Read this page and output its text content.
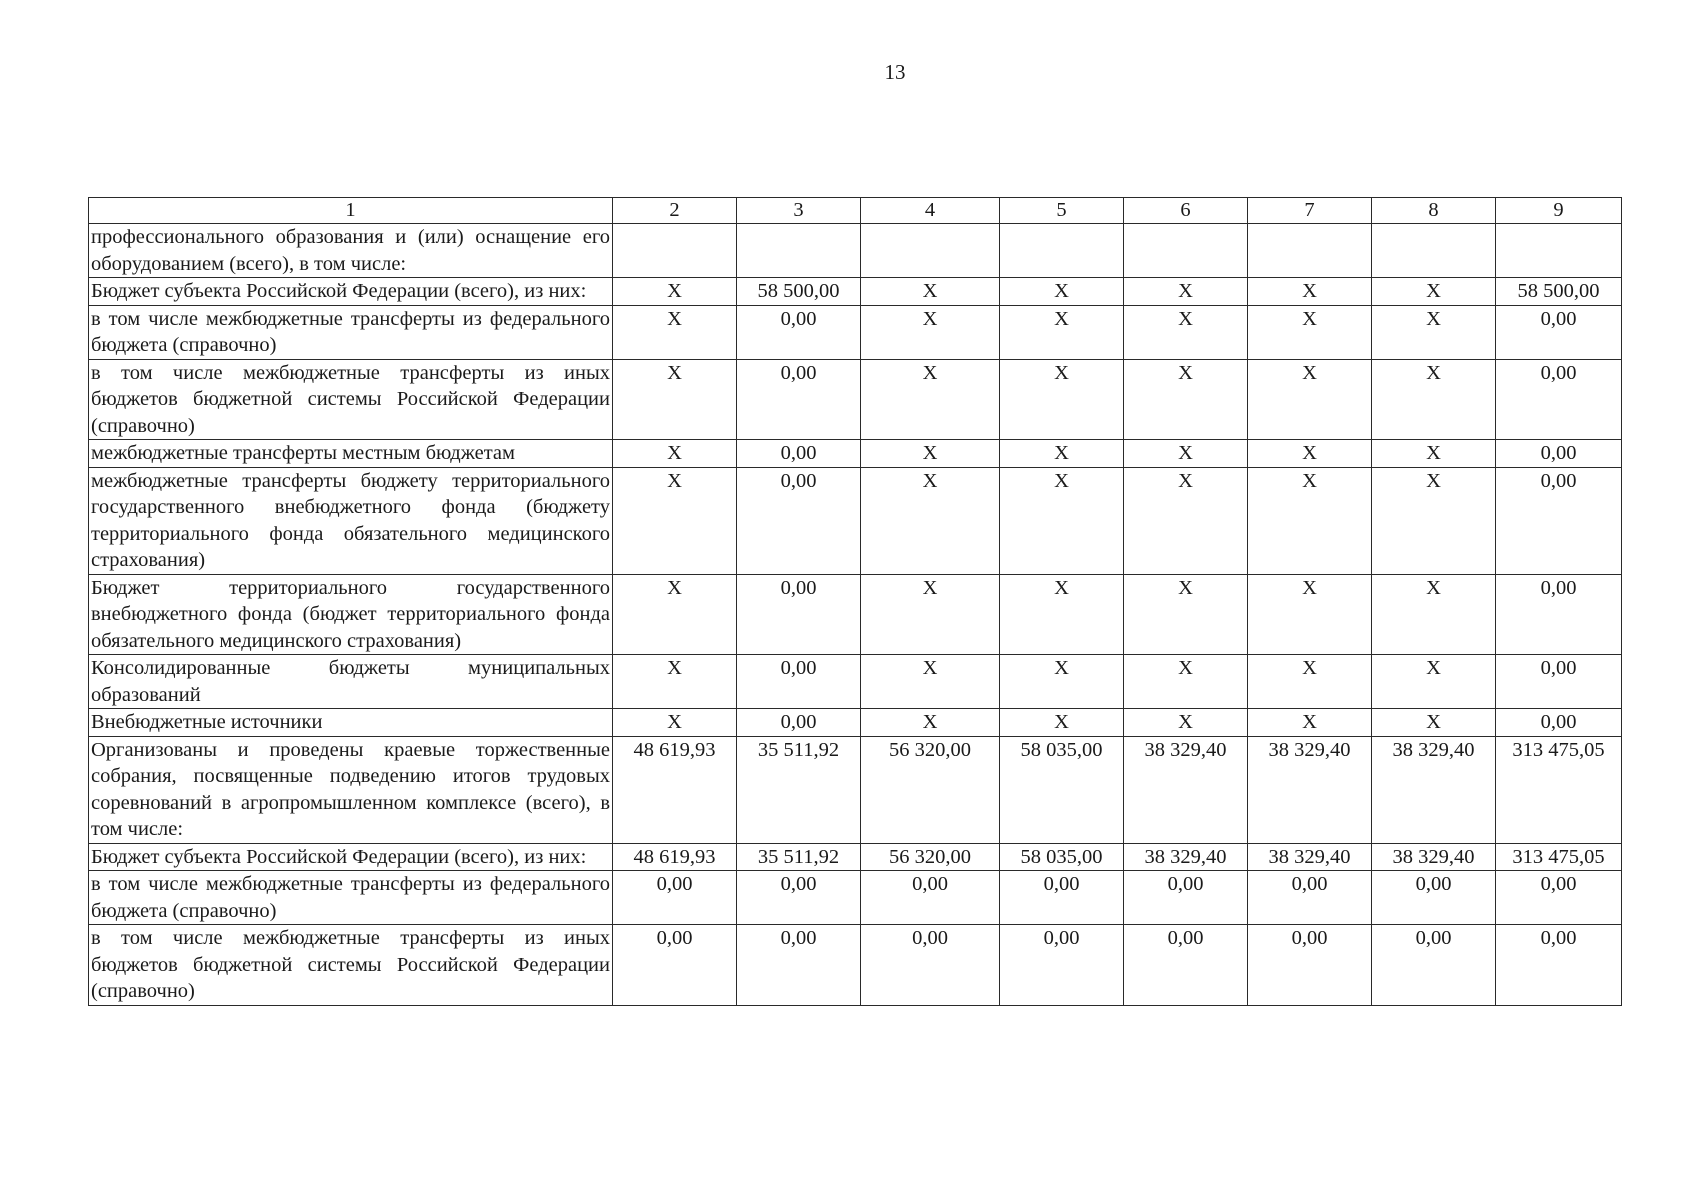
13
1	2	3	4	5	6	7	8	9
профессионального образования и (или) оснащение его оборудованием (всего), в том числе:								
Бюджет субъекта Российской Федерации (всего), из них:	X	58 500,00	X	X	X	X	X	58 500,00
в том числе межбюджетные трансферты из федерального бюджета (справочно)	X	0,00	X	X	X	X	X	0,00
в том числе межбюджетные трансферты из иных бюджетов бюджетной системы Российской Федерации (справочно)	X	0,00	X	X	X	X	X	0,00
межбюджетные трансферты местным бюджетам	X	0,00	X	X	X	X	X	0,00
межбюджетные трансферты бюджету территориального государственного внебюджетного фонда (бюджету территориального фонда обязательного медицинского страхования)	X	0,00	X	X	X	X	X	0,00
Бюджет территориального государственного внебюджетного фонда (бюджет территориального фонда обязательного медицинского страхования)	X	0,00	X	X	X	X	X	0,00
Консолидированные бюджеты муниципальных образований	X	0,00	X	X	X	X	X	0,00
Внебюджетные источники	X	0,00	X	X	X	X	X	0,00
Организованы и проведены краевые торжественные собрания, посвященные подведению итогов трудовых соревнований в агропромышленном комплексе (всего), в том числе:	48 619,93	35 511,92	56 320,00	58 035,00	38 329,40	38 329,40	38 329,40	313 475,05
Бюджет субъекта Российской Федерации (всего), из них:	48 619,93	35 511,92	56 320,00	58 035,00	38 329,40	38 329,40	38 329,40	313 475,05
в том числе межбюджетные трансферты из федерального бюджета (справочно)	0,00	0,00	0,00	0,00	0,00	0,00	0,00	0,00
в том числе межбюджетные трансферты из иных бюджетов бюджетной системы Российской Федерации (справочно)	0,00	0,00	0,00	0,00	0,00	0,00	0,00	0,00
